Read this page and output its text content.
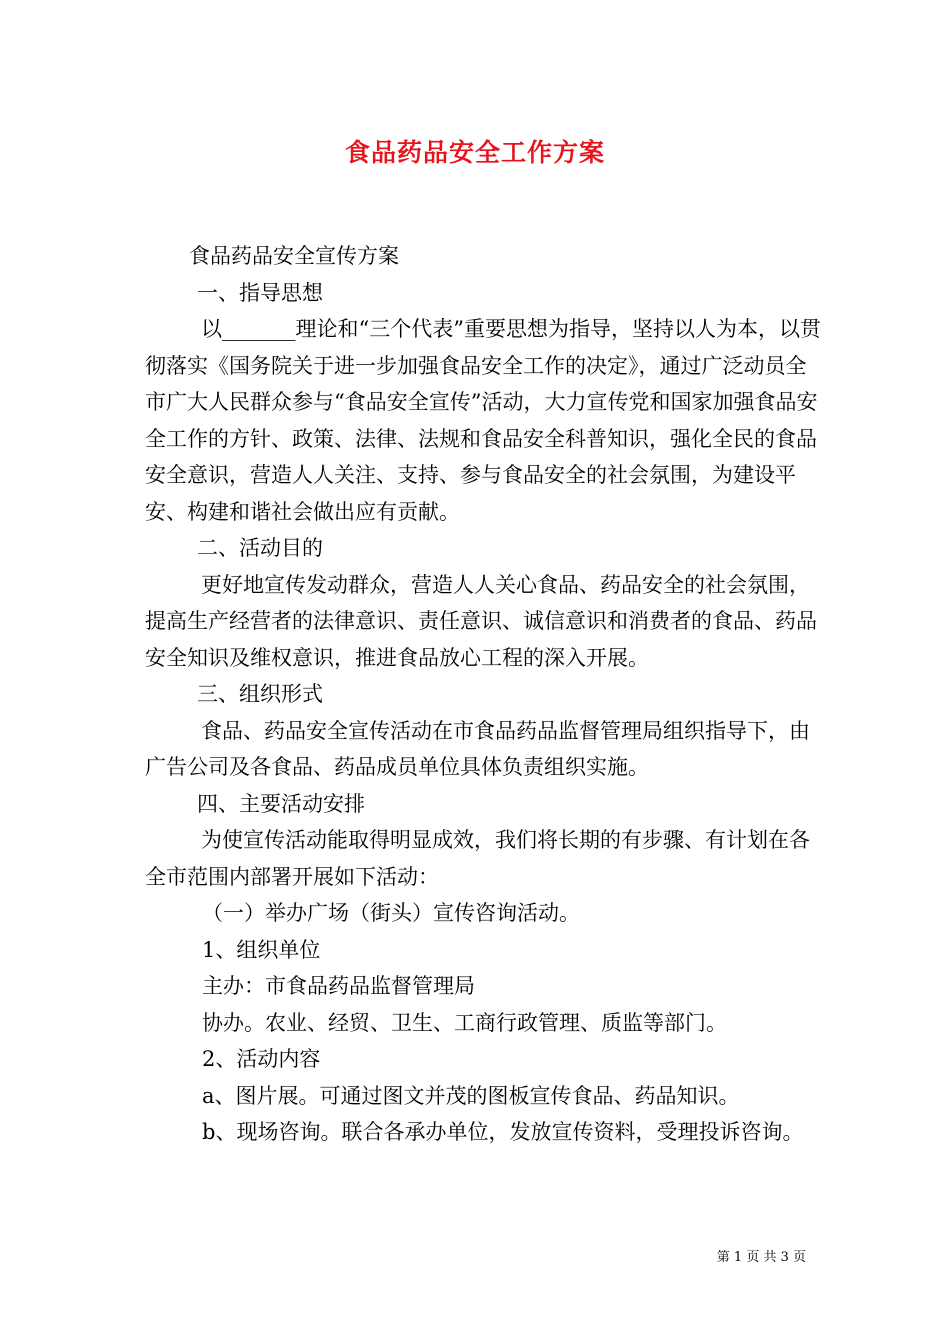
食品药品安全工作方案

食品药品安全宣传方案

一、指导思想

以_______理论和“三个代表”重要思想为指导，坚持以人为本，以贯彻落实《国务院关于进一步加强食品安全工作的决定》，通过广泛动员全市广大人民群众参与“食品安全宣传”活动，大力宣传党和国家加强食品安全工作的方针、政策、法律、法规和食品安全科普知识，强化全民的食品安全意识，营造人人关注、支持、参与食品安全的社会氛围，为建设平安、构建和谐社会做出应有贡献。

二、活动目的

更好地宣传发动群众，营造人人关心食品、药品安全的社会氛围，提高生产经营者的法律意识、责任意识、诚信意识和消费者的食品、药品安全知识及维权意识，推进食品放心工程的深入开展。

三、组织形式

食品、药品安全宣传活动在市食品药品监督管理局组织指导下，由广告公司及各食品、药品成员单位具体负责组织实施。

四、主要活动安排

为使宣传活动能取得明显成效，我们将长期的有步骤、有计划在各全市范围内部署开展如下活动：

（一）举办广场（街头）宣传咨询活动。

1、组织单位

主办：市食品药品监督管理局

协办。农业、经贸、卫生、工商行政管理、质监等部门。

2、活动内容

a、图片展。可通过图文并茂的图板宣传食品、药品知识。

b、现场咨询。联合各承办单位，发放宣传资料，受理投诉咨询。

第 1 页 共 3 页
